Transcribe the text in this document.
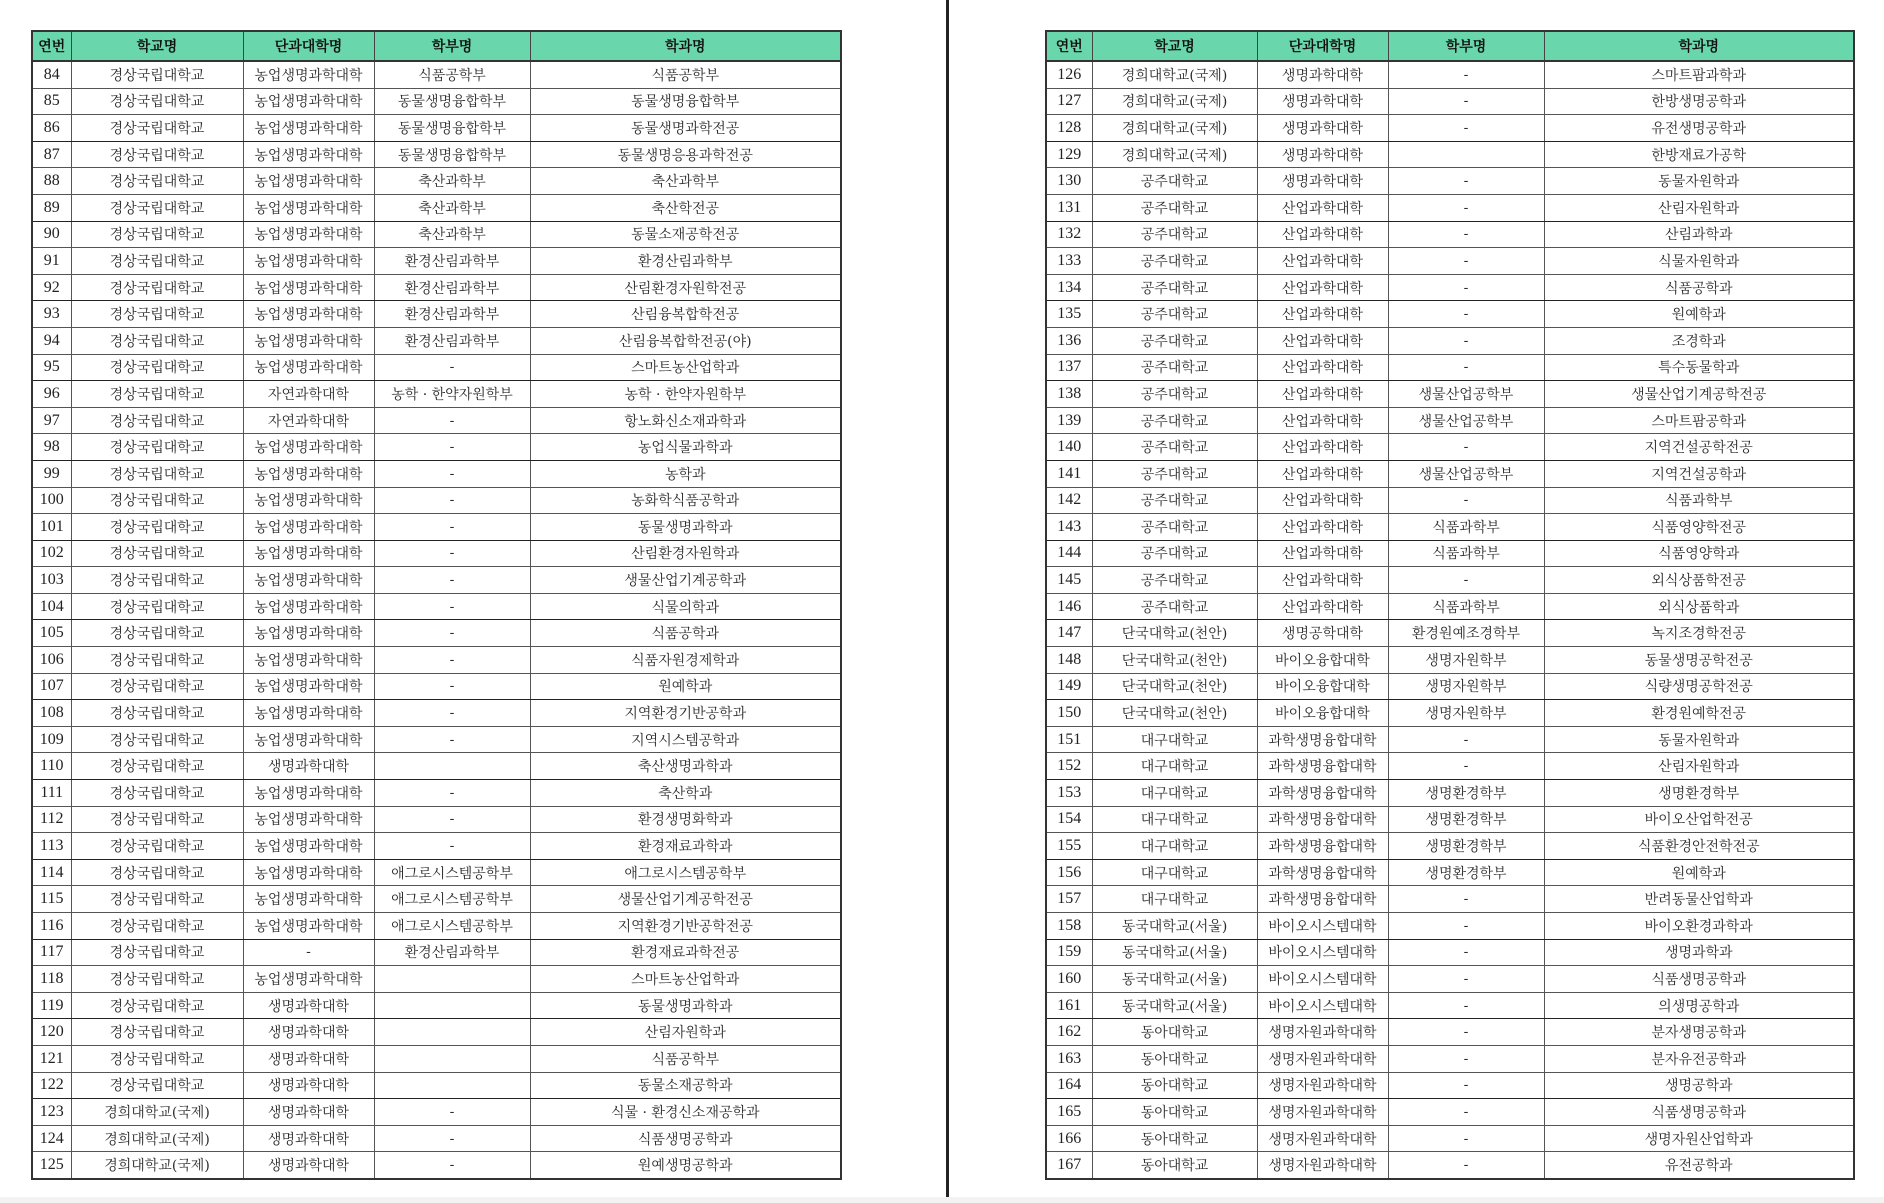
연번	학교명	단과대학명	학부명	학과명
84	경상국립대학교	농업생명과학대학	식품공학부	식품공학부
85	경상국립대학교	농업생명과학대학	동물생명융합학부	동물생명융합학부
86	경상국립대학교	농업생명과학대학	동물생명융합학부	동물생명과학전공
87	경상국립대학교	농업생명과학대학	동물생명융합학부	동물생명응용과학전공
88	경상국립대학교	농업생명과학대학	축산과학부	축산과학부
89	경상국립대학교	농업생명과학대학	축산과학부	축산학전공
90	경상국립대학교	농업생명과학대학	축산과학부	동물소재공학전공
91	경상국립대학교	농업생명과학대학	환경산림과학부	환경산림과학부
92	경상국립대학교	농업생명과학대학	환경산림과학부	산림환경자원학전공
93	경상국립대학교	농업생명과학대학	환경산림과학부	산림융복합학전공
94	경상국립대학교	농업생명과학대학	환경산림과학부	산림융복합학전공(야)
95	경상국립대학교	농업생명과학대학	-	스마트농산업학과
96	경상국립대학교	자연과학대학	농학 · 한약자원학부	농학 · 한약자원학부
97	경상국립대학교	자연과학대학	-	항노화신소재과학과
98	경상국립대학교	농업생명과학대학	-	농업식물과학과
99	경상국립대학교	농업생명과학대학	-	농학과
100	경상국립대학교	농업생명과학대학	-	농화학식품공학과
101	경상국립대학교	농업생명과학대학	-	동물생명과학과
102	경상국립대학교	농업생명과학대학	-	산림환경자원학과
103	경상국립대학교	농업생명과학대학	-	생물산업기계공학과
104	경상국립대학교	농업생명과학대학	-	식물의학과
105	경상국립대학교	농업생명과학대학	-	식품공학과
106	경상국립대학교	농업생명과학대학	-	식품자원경제학과
107	경상국립대학교	농업생명과학대학	-	원예학과
108	경상국립대학교	농업생명과학대학	-	지역환경기반공학과
109	경상국립대학교	농업생명과학대학	-	지역시스템공학과
110	경상국립대학교	생명과학대학		축산생명과학과
111	경상국립대학교	농업생명과학대학	-	축산학과
112	경상국립대학교	농업생명과학대학	-	환경생명화학과
113	경상국립대학교	농업생명과학대학	-	환경재료과학과
114	경상국립대학교	농업생명과학대학	애그로시스템공학부	애그로시스템공학부
115	경상국립대학교	농업생명과학대학	애그로시스템공학부	생물산업기계공학전공
116	경상국립대학교	농업생명과학대학	애그로시스템공학부	지역환경기반공학전공
117	경상국립대학교	-	환경산림과학부	환경재료과학전공
118	경상국립대학교	농업생명과학대학		스마트농산업학과
119	경상국립대학교	생명과학대학		동물생명과학과
120	경상국립대학교	생명과학대학		산림자원학과
121	경상국립대학교	생명과학대학		식품공학부
122	경상국립대학교	생명과학대학		동물소재공학과
123	경희대학교(국제)	생명과학대학	-	식물 · 환경신소재공학과
124	경희대학교(국제)	생명과학대학	-	식품생명공학과
125	경희대학교(국제)	생명과학대학	-	원예생명공학과
연번	학교명	단과대학명	학부명	학과명
126	경희대학교(국제)	생명과학대학	-	스마트팜과학과
127	경희대학교(국제)	생명과학대학	-	한방생명공학과
128	경희대학교(국제)	생명과학대학	-	유전생명공학과
129	경희대학교(국제)	생명과학대학		한방재료가공학
130	공주대학교	생명과학대학	-	동물자원학과
131	공주대학교	산업과학대학	-	산림자원학과
132	공주대학교	산업과학대학	-	산림과학과
133	공주대학교	산업과학대학	-	식물자원학과
134	공주대학교	산업과학대학	-	식품공학과
135	공주대학교	산업과학대학	-	원예학과
136	공주대학교	산업과학대학	-	조경학과
137	공주대학교	산업과학대학	-	특수동물학과
138	공주대학교	산업과학대학	생물산업공학부	생물산업기계공학전공
139	공주대학교	산업과학대학	생물산업공학부	스마트팜공학과
140	공주대학교	산업과학대학	-	지역건설공학전공
141	공주대학교	산업과학대학	생물산업공학부	지역건설공학과
142	공주대학교	산업과학대학	-	식품과학부
143	공주대학교	산업과학대학	식품과학부	식품영양학전공
144	공주대학교	산업과학대학	식품과학부	식품영양학과
145	공주대학교	산업과학대학	-	외식상품학전공
146	공주대학교	산업과학대학	식품과학부	외식상품학과
147	단국대학교(천안)	생명공학대학	환경원예조경학부	녹지조경학전공
148	단국대학교(천안)	바이오융합대학	생명자원학부	동물생명공학전공
149	단국대학교(천안)	바이오융합대학	생명자원학부	식량생명공학전공
150	단국대학교(천안)	바이오융합대학	생명자원학부	환경원예학전공
151	대구대학교	과학생명융합대학	-	동물자원학과
152	대구대학교	과학생명융합대학	-	산림자원학과
153	대구대학교	과학생명융합대학	생명환경학부	생명환경학부
154	대구대학교	과학생명융합대학	생명환경학부	바이오산업학전공
155	대구대학교	과학생명융합대학	생명환경학부	식품환경안전학전공
156	대구대학교	과학생명융합대학	생명환경학부	원예학과
157	대구대학교	과학생명융합대학	-	반려동물산업학과
158	동국대학교(서울)	바이오시스템대학	-	바이오환경과학과
159	동국대학교(서울)	바이오시스템대학	-	생명과학과
160	동국대학교(서울)	바이오시스템대학	-	식품생명공학과
161	동국대학교(서울)	바이오시스템대학	-	의생명공학과
162	동아대학교	생명자원과학대학	-	분자생명공학과
163	동아대학교	생명자원과학대학	-	분자유전공학과
164	동아대학교	생명자원과학대학	-	생명공학과
165	동아대학교	생명자원과학대학	-	식품생명공학과
166	동아대학교	생명자원과학대학	-	생명자원산업학과
167	동아대학교	생명자원과학대학	-	유전공학과
